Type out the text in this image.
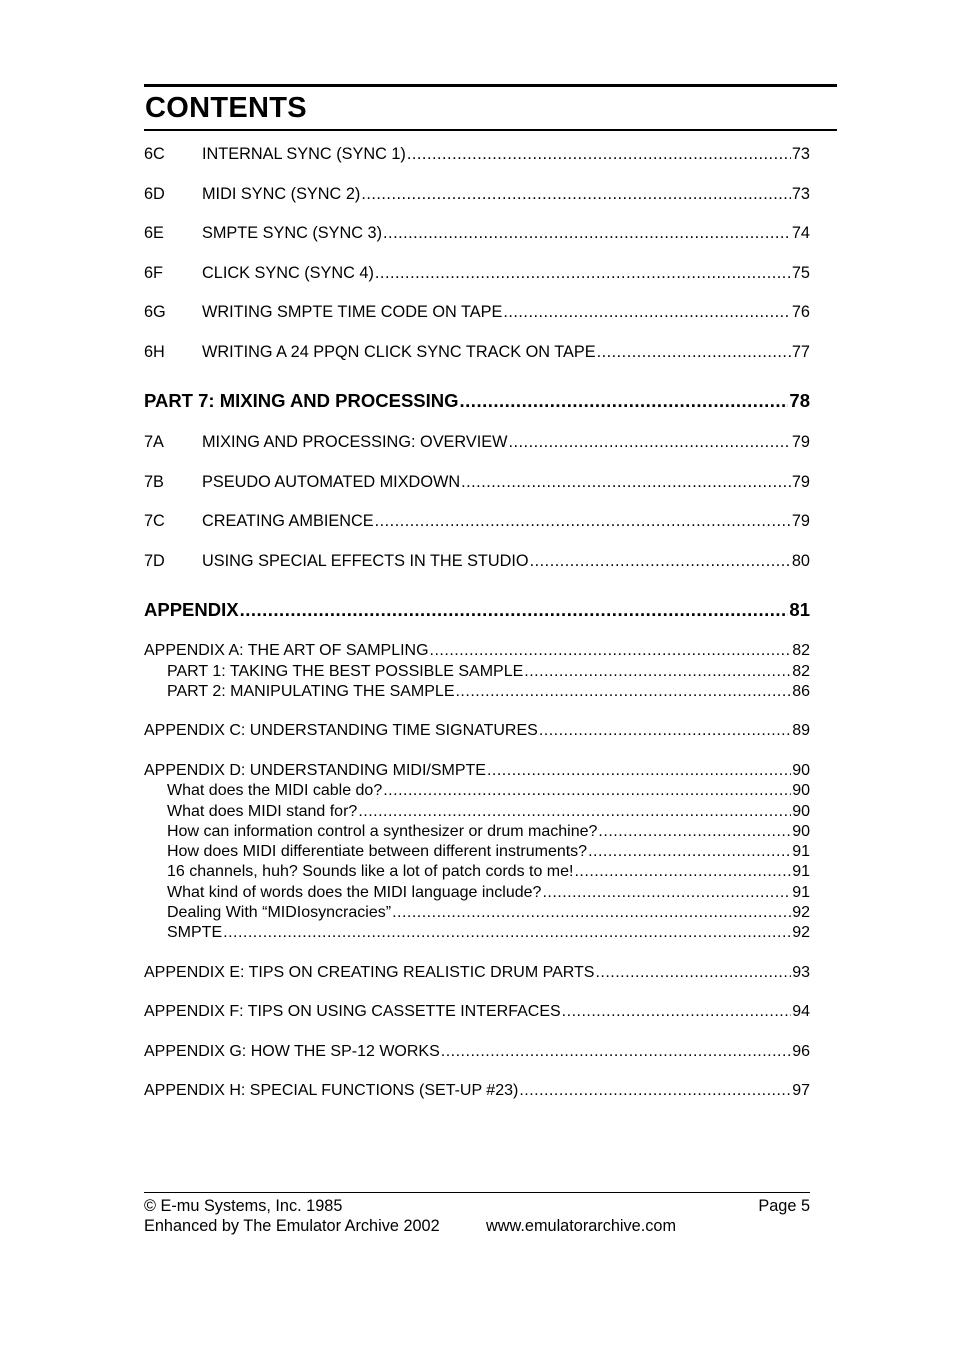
CONTENTS
6C	INTERNAL SYNC (SYNC 1) .....	73
6D	MIDI SYNC (SYNC 2) .....	73
6E	SMPTE SYNC (SYNC 3) .....	74
6F	CLICK SYNC (SYNC 4) .....	75
6G	WRITING SMPTE TIME CODE ON TAPE .....	76
6H	WRITING A 24 PPQN CLICK SYNC TRACK ON TAPE .....	77
PART 7: MIXING AND PROCESSING .....	78
7A	MIXING AND PROCESSING: OVERVIEW .....	79
7B	PSEUDO AUTOMATED MIXDOWN .....	79
7C	CREATING AMBIENCE .....	79
7D	USING SPECIAL EFFECTS IN THE STUDIO .....	80
APPENDIX .....	81
APPENDIX A: THE ART OF SAMPLING .....	82
PART 1: TAKING THE BEST POSSIBLE SAMPLE .....	82
PART 2: MANIPULATING THE SAMPLE .....	86
APPENDIX C: UNDERSTANDING TIME SIGNATURES .....	89
APPENDIX D: UNDERSTANDING MIDI/SMPTE .....	90
What does the MIDI cable do? .....	90
What does MIDI stand for? .....	90
How can information control a synthesizer or drum machine? .....	90
How does MIDI differentiate between different instruments? .....	91
16 channels, huh? Sounds like a lot of patch cords to me! .....	91
What kind of words does the MIDI language include? .....	91
Dealing With “MIDIosyncracies” .....	92
SMPTE .....	92
APPENDIX E: TIPS ON CREATING REALISTIC DRUM PARTS .....	93
APPENDIX F: TIPS ON USING CASSETTE INTERFACES .....	94
APPENDIX G: HOW THE SP-12 WORKS .....	96
APPENDIX H: SPECIAL FUNCTIONS (SET-UP #23) .....	97
© E-mu Systems, Inc. 1985	Page 5
Enhanced by The Emulator Archive 2002	www.emulatorarchive.com
